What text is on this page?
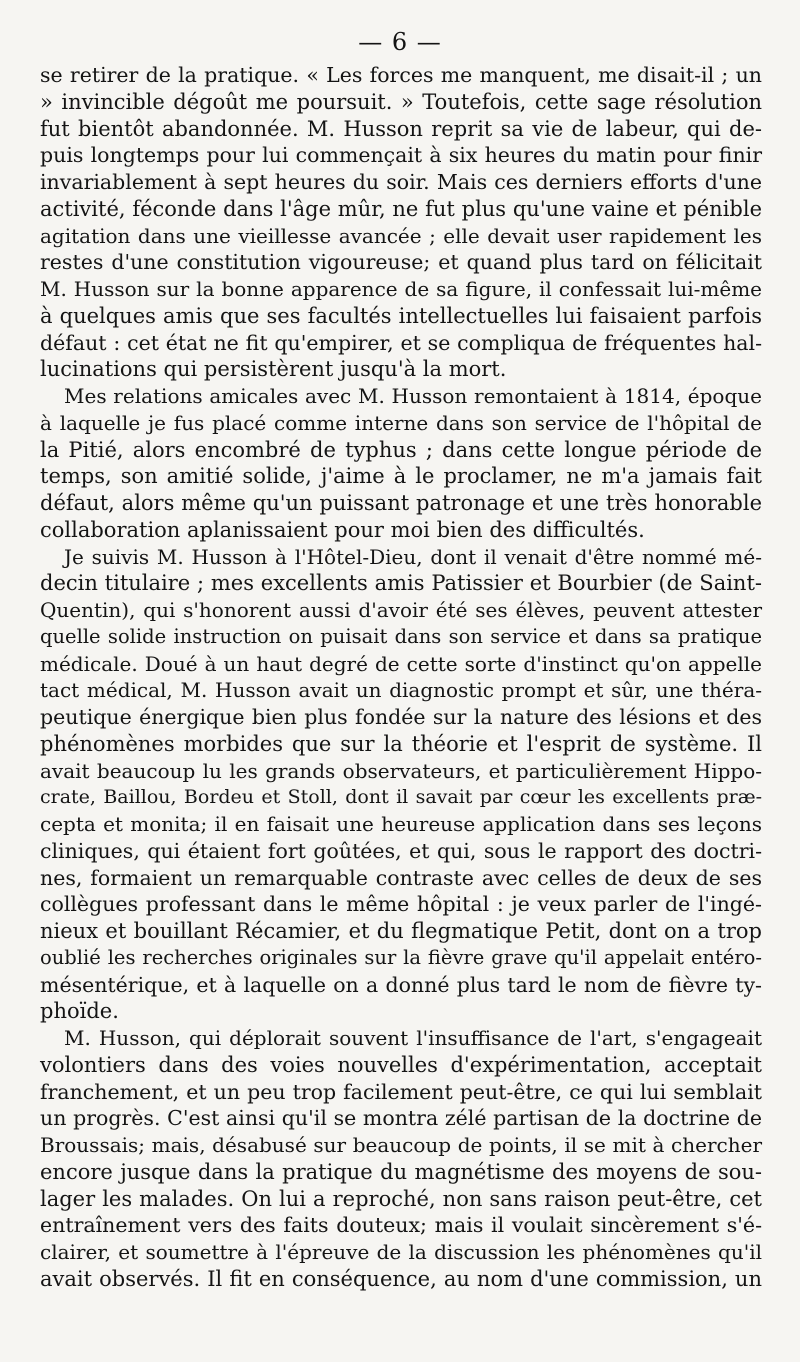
— 6 —
se retirer de la pratique. « Les forces me manquent, me disait-il ; un
» invincible dégoût me poursuit. » Toutefois, cette sage résolution
fut bientôt abandonnée. M. Husson reprit sa vie de labeur, qui de-
puis longtemps pour lui commençait à six heures du matin pour finir
invariablement à sept heures du soir. Mais ces derniers efforts d'une
activité, féconde dans l'âge mûr, ne fut plus qu'une vaine et pénible
agitation dans une vieillesse avancée ; elle devait user rapidement les
restes d'une constitution vigoureuse; et quand plus tard on félicitait
M. Husson sur la bonne apparence de sa figure, il confessait lui-même
à quelques amis que ses facultés intellectuelles lui faisaient parfois
défaut : cet état ne fit qu'empirer, et se compliqua de fréquentes hal-
lucinations qui persistèrent jusqu'à la mort.
Mes relations amicales avec M. Husson remontaient à 1814, époque
à laquelle je fus placé comme interne dans son service de l'hôpital de
la Pitié, alors encombré de typhus ; dans cette longue période de
temps, son amitié solide, j'aime à le proclamer, ne m'a jamais fait
défaut, alors même qu'un puissant patronage et une très honorable
collaboration aplanissaient pour moi bien des difficultés.
Je suivis M. Husson à l'Hôtel-Dieu, dont il venait d'être nommé mé-
decin titulaire ; mes excellents amis Patissier et Bourbier (de Saint-
Quentin), qui s'honorent aussi d'avoir été ses élèves, peuvent attester
quelle solide instruction on puisait dans son service et dans sa pratique
médicale. Doué à un haut degré de cette sorte d'instinct qu'on appelle
tact médical, M. Husson avait un diagnostic prompt et sûr, une théra-
peutique énergique bien plus fondée sur la nature des lésions et des
phénomènes morbides que sur la théorie et l'esprit de système. Il
avait beaucoup lu les grands observateurs, et particulièrement Hippo-
crate, Baillou, Bordeu et Stoll, dont il savait par cœur les excellents præ-
cepta et monita; il en faisait une heureuse application dans ses leçons
cliniques, qui étaient fort goûtées, et qui, sous le rapport des doctri-
nes, formaient un remarquable contraste avec celles de deux de ses
collègues professant dans le même hôpital : je veux parler de l'ingé-
nieux et bouillant Récamier, et du flegmatique Petit, dont on a trop
oublié les recherches originales sur la fièvre grave qu'il appelait entéro-
mésentérique, et à laquelle on a donné plus tard le nom de fièvre ty-
phoïde.
M. Husson, qui déplorait souvent l'insuffisance de l'art, s'engageait
volontiers dans des voies nouvelles d'expérimentation, acceptait
franchement, et un peu trop facilement peut-être, ce qui lui semblait
un progrès. C'est ainsi qu'il se montra zélé partisan de la doctrine de
Broussais; mais, désabusé sur beaucoup de points, il se mit à chercher
encore jusque dans la pratique du magnétisme des moyens de sou-
lager les malades. On lui a reproché, non sans raison peut-être, cet
entraînement vers des faits douteux; mais il voulait sincèrement s'é-
clairer, et soumettre à l'épreuve de la discussion les phénomènes qu'il
avait observés. Il fit en conséquence, au nom d'une commission, un
